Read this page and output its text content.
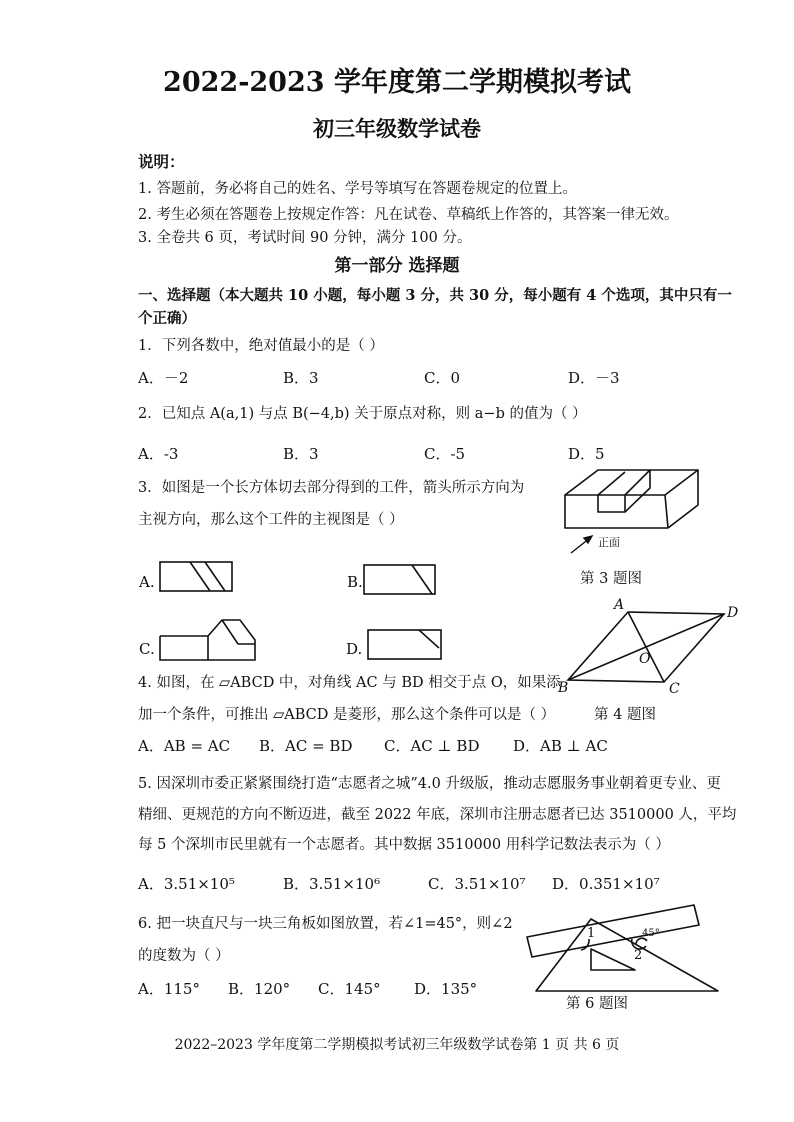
2022-2023 学年度第二学期模拟考试
初三年级数学试卷
说明：
1. 答题前，务必将自己的姓名、学号等填写在答题卷规定的位置上。
2. 考生必须在答题卷上按规定作答：凡在试卷、草稿纸上作答的，其答案一律无效。
3. 全卷共 6 页，考试时间 90 分钟，满分 100 分。
第一部分 选择题
一、选择题（本大题共 10 小题，每小题 3 分，共 30 分，每小题有 4 个选项，其中只有一
个正确）
1．下列各数中，绝对值最小的是（ ）
A．－2	B．3	C．0	D．－3
2．已知点 A(a,1) 与点 B(−4,b) 关于原点对称，则 a−b 的值为（ ）
A．-3	B．3	C．-5	D．5
3．如图是一个长方体切去部分得到的工件，箭头所示方向为
主视方向，那么这个工件的主视图是（ ）
正面
第 3 题图
A.	B.
C.	D.
A	D
O
B	C
第 4 题图
4. 如图，在 ▱ABCD 中，对角线 AC 与 BD 相交于点 O，如果添
加一个条件，可推出 ▱ABCD 是菱形，那么这个条件可以是（ ）
A．AB = AC B．AC = BD C．AC ⊥ BD D．AB ⊥ AC
5. 因深圳市委正紧紧围绕打造“志愿者之城”4.0 升级版，推动志愿服务事业朝着更专业、更
精细、更规范的方向不断迈进，截至 2022 年底，深圳市注册志愿者已达 3510000 人，平均
每 5 个深圳市民里就有一个志愿者。其中数据 3510000 用科学记数法表示为（ ）
A．3.51×10⁵	B．3.51×10⁶	C．3.51×10⁷ D．0.351×10⁷
6. 把一块直尺与一块三角板如图放置，若∠1=45°，则∠2
的度数为（ ）
A．115° B．120° C．145° D．135°
1
2
45°
第 6 题图
2022–2023 学年度第二学期模拟考试初三年级数学试卷第 1 页 共 6 页
